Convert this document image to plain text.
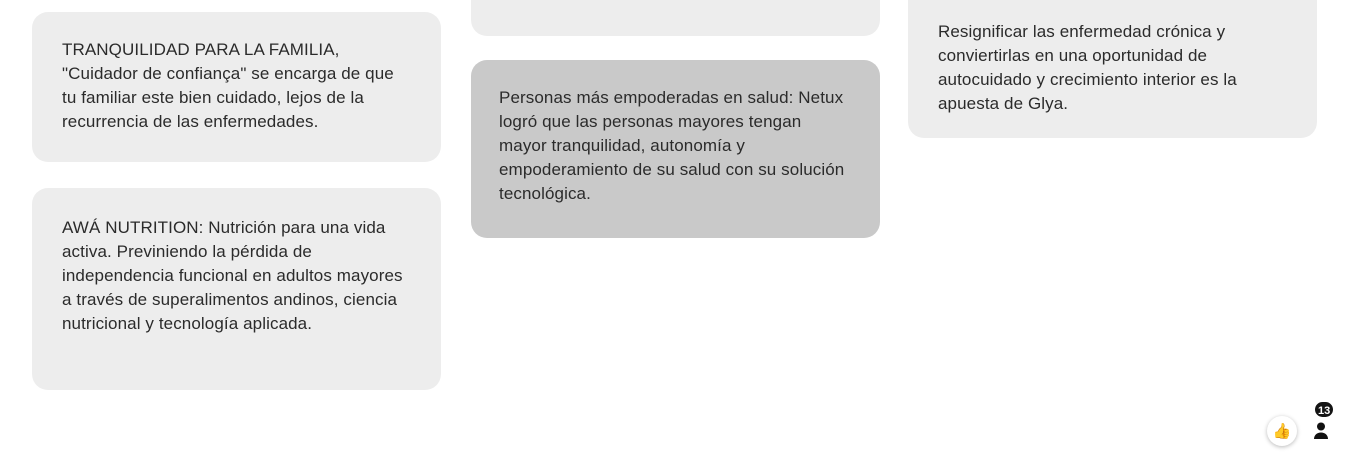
TRANQUILIDAD PARA LA FAMILIA, "Cuidador de confiança" se encarga de que tu familiar este bien cuidado, lejos de la recurrencia de las enfermedades.
AWÁ NUTRITION: Nutrición para una vida activa. Previniendo la pérdida de independencia funcional en adultos mayores a través de superalimentos andinos, ciencia nutricional y tecnología aplicada.
Personas más empoderadas en salud: Netux logró que las personas mayores tengan mayor tranquilidad, autonomía y empoderamiento de su salud con su solución tecnológica.
Resignificar las enfermedad crónica y conviertirlas en una oportunidad de autocuidado y crecimiento interior es la apuesta de Glya.
👍
13
